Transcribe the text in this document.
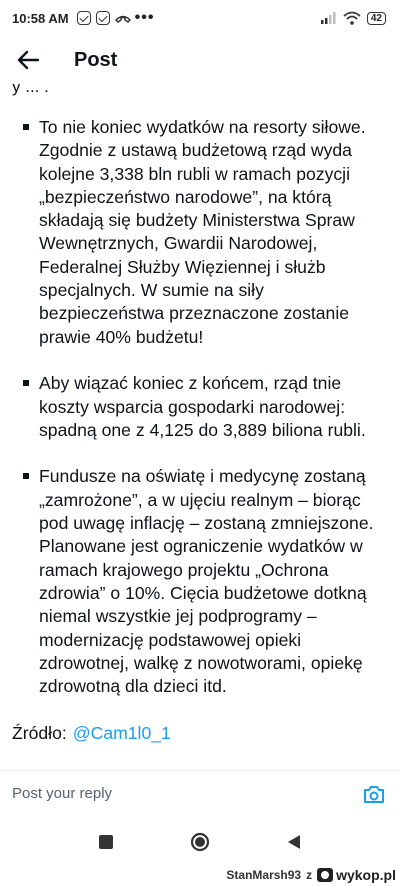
10:58 AM	•••	42
Post
y ... .
To nie koniec wydatków na resorty siłowe. Zgodnie z ustawą budżetową rząd wyda kolejne 3,338 bln rubli w ramach pozycji „bezpieczeństwo narodowe”, na którą składają się budżety Ministerstwa Spraw Wewnętrznych, Gwardii Narodowej, Federalnej Służby Więziennej i służb specjalnych. W sumie na siły bezpieczeństwa przeznaczone zostanie prawie 40% budżetu!
Aby wiązać koniec z końcem, rząd tnie koszty wsparcia gospodarki narodowej: spadną one z 4,125 do 3,889 biliona rubli.
Fundusze na oświatę i medycynę zostaną „zamrożone”, a w ujęciu realnym – biorąc pod uwagę inflację – zostaną zmniejszone. Planowane jest ograniczenie wydatków w ramach krajowego projektu „Ochrona zdrowia” o 10%. Cięcia budżetowe dotkną niemal wszystkie jej podprogramy – modernizację podstawowej opieki zdrowotnej, walkę z nowotworami, opiekę zdrowotną dla dzieci itd.
Źródło: @Cam1l0_1
Post your reply
StanMarsh93 z wykop.pl
